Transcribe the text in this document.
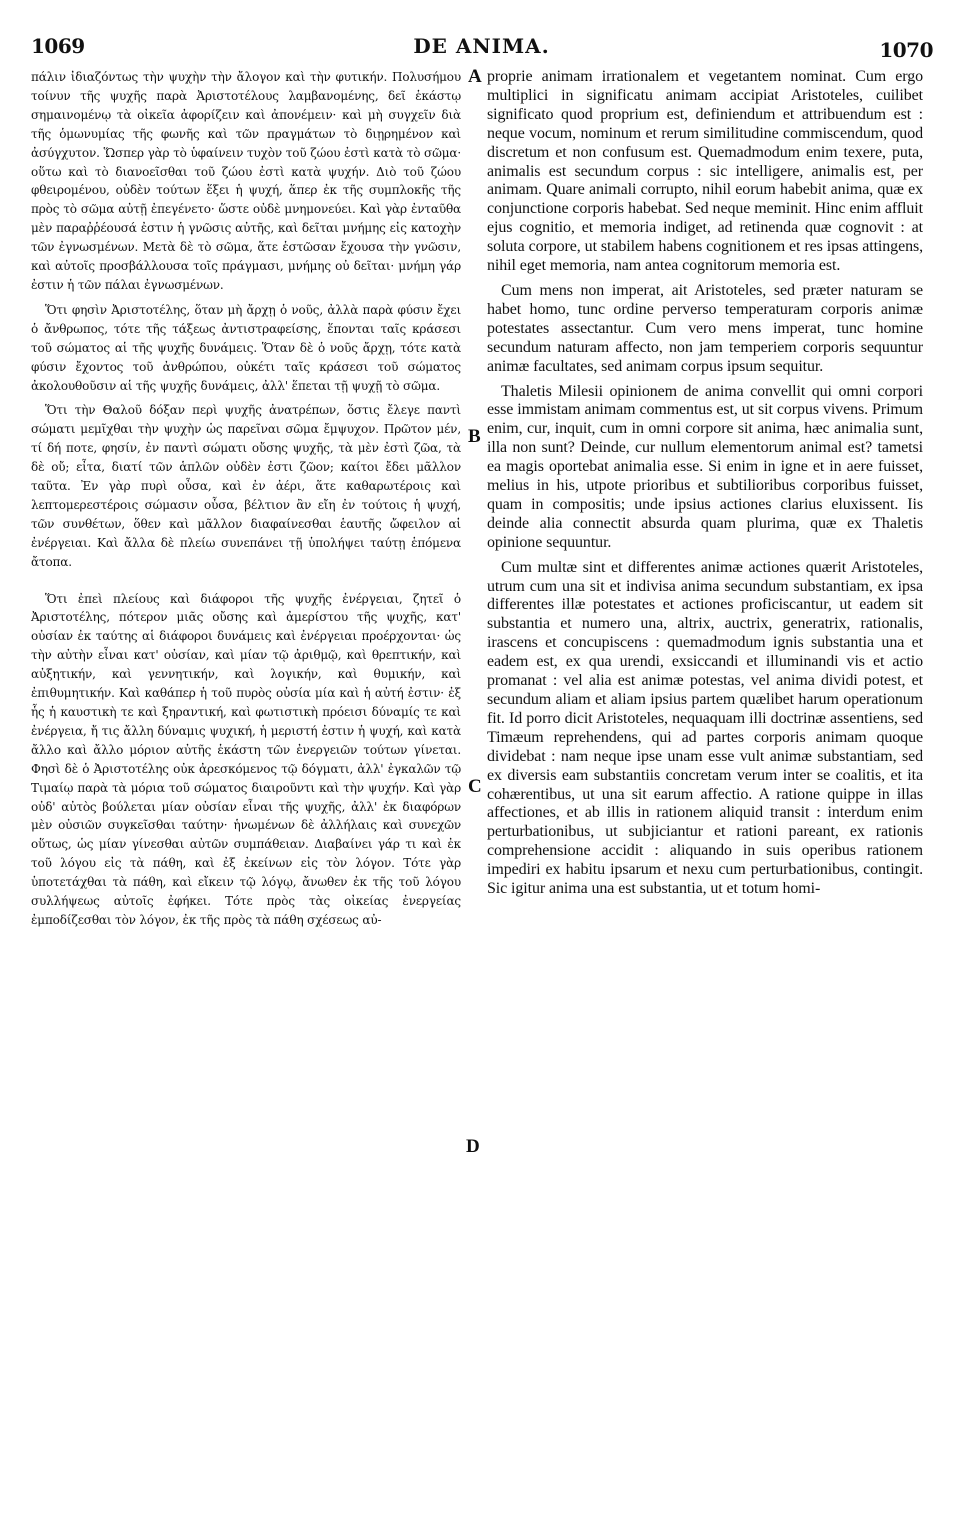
1069	DE ANIMA.	1070

πάλιν ἰδιαζόντως τὴν ψυχὴν τὴν ἄλογον καὶ τὴν φυτικήν. Πολυσήμου τοίνυν τῆς ψυχῆς παρὰ Ἀριστοτέλους λαμβανομένης, δεῖ ἑκάστῳ σημαινομένῳ τὰ οἰκεῖα ἀφορίζειν καὶ ἀπονέμειν· καὶ μὴ συγχεῖν διὰ τῆς ὁμωνυμίας τῆς φωνῆς καὶ τῶν πραγμάτων τὸ διῃρημένον καὶ ἀσύγχυτον. Ὥσπερ γὰρ τὸ ὑφαίνειν τυχὸν τοῦ ζώου ἐστὶ κατὰ τὸ σῶμα· οὕτω καὶ τὸ διανοεῖσθαι τοῦ ζώου ἐστὶ κατὰ ψυχήν. Διὸ τοῦ ζώου φθειρομένου, οὐδὲν τούτων ἕξει ἡ ψυχή, ἅπερ ἐκ τῆς συμπλοκῆς τῆς πρὸς τὸ σῶμα αὐτῇ ἐπεγένετο· ὥστε οὐδὲ μνημονεύει. Καὶ γὰρ ἐνταῦθα μὲν παραῤῥέουσά ἐστιν ἡ γνῶσις αὐτῆς, καὶ δεῖται μνήμης εἰς κατοχὴν τῶν ἐγνωσμένων. Μετὰ δὲ τὸ σῶμα, ἅτε ἑστῶσαν ἔχουσα τὴν γνῶσιν, καὶ αὐτοῖς προσβάλλουσα τοῖς πράγμασι, μνήμης οὐ δεῖται· μνήμη γάρ ἐστιν ἡ τῶν πάλαι ἐγνωσμένων.

Ὅτι φησὶν Ἀριστοτέλης, ὅταν μὴ ἄρχῃ ὁ νοῦς, ἀλλὰ παρὰ φύσιν ἔχει ὁ ἄνθρωπος, τότε τῆς τάξεως ἀντιστραφείσης, ἕπονται ταῖς κράσεσι τοῦ σώματος αἱ τῆς ψυχῆς δυνάμεις. Ὅταν δὲ ὁ νοῦς ἄρχῃ, τότε κατὰ φύσιν ἔχοντος τοῦ ἀνθρώπου, οὐκέτι ταῖς κράσεσι τοῦ σώματος ἀκολουθοῦσιν αἱ τῆς ψυχῆς δυνάμεις, ἀλλ' ἕπεται τῇ ψυχῇ τὸ σῶμα.

Ὅτι τὴν Θαλοῦ δόξαν περὶ ψυχῆς ἀνατρέπων, ὅστις ἔλεγε παντὶ σώματι μεμῖχθαι τὴν ψυχὴν ὡς παρεῖναι σῶμα ἔμψυχον. Πρῶτον μέν, τί δή ποτε, φησίν, ἐν παντὶ σώματι οὔσης ψυχῆς, τὰ μὲν ἐστὶ ζῶα, τὰ δὲ οὔ; εἶτα, διατί τῶν ἁπλῶν οὐδὲν ἐστι ζῶον; καίτοι ἔδει μᾶλλον ταῦτα. Ἐν γὰρ πυρὶ οὖσα, καὶ ἐν ἀέρι, ἅτε καθαρωτέροις καὶ λεπτομερεστέροις σώμασιν οὖσα, βέλτιον ἂν εἴη ἐν τούτοις ἡ ψυχή, τῶν συνθέτων, ὅθεν καὶ μᾶλλον διαφαίνεσθαι ἑαυτῆς ὤφειλον αἱ ἐνέργειαι. Καὶ ἄλλα δὲ πλείω συνεπάνει τῇ ὑπολήψει ταύτῃ ἑπόμενα ἄτοπα.

Ὅτι ἐπεὶ πλείους καὶ διάφοροι τῆς ψυχῆς ἐνέργειαι, ζητεῖ ὁ Ἀριστοτέλης, πότερον μιᾶς οὔσης καὶ ἀμερίστου τῆς ψυχῆς, κατ' οὐσίαν ἐκ ταύτης αἱ διάφοροι δυνάμεις καὶ ἐνέργειαι προέρχονται· ὡς τὴν αὐτὴν εἶναι κατ' οὐσίαν, καὶ μίαν τῷ ἀριθμῷ, καὶ θρεπτικήν, καὶ αὐξητικήν, καὶ γεννητικήν, καὶ λογικήν, καὶ θυμικήν, καὶ ἐπιθυμητικήν. Καὶ καθάπερ ἡ τοῦ πυρὸς οὐσία μία καὶ ἡ αὐτή ἐστιν· ἐξ ἧς ἡ καυστικὴ τε καὶ ξηραντική, καὶ φωτιστικὴ πρόεισι δύναμίς τε καὶ ἐνέργεια, ἤ τις ἄλλη δύναμις ψυχική, ἡ μεριστή ἐστιν ἡ ψυχή, καὶ κατὰ ἄλλο καὶ ἄλλο μόριον αὐτῆς ἑκάστη τῶν ἐνεργειῶν τούτων γίνεται. Φησὶ δὲ ὁ Ἀριστοτέλης οὐκ ἀρεσκόμενος τῷ δόγματι, ἀλλ' ἐγκαλῶν τῷ Τιμαίῳ παρὰ τὰ μόρια τοῦ σώματος διαιροῦντι καὶ τὴν ψυχήν. Καὶ γὰρ οὐδ' αὐτὸς βούλεται μίαν οὐσίαν εἶναι τῆς ψυχῆς, ἀλλ' ἐκ διαφόρων μὲν οὐσιῶν συγκεῖσθαι ταύτην· ἡνωμένων δὲ ἀλλήλαις καὶ συνεχῶν οὕτως, ὡς μίαν γίνεσθαι αὐτῶν συμπάθειαν. Διαβαίνει γάρ τι καὶ ἐκ τοῦ λόγου εἰς τὰ πάθη, καὶ ἐξ ἐκείνων εἰς τὸν λόγον. Τότε γὰρ ὑποτετάχθαι τὰ πάθη, καὶ εἴκειν τῷ λόγῳ, ἄνωθεν ἐκ τῆς τοῦ λόγου συλλήψεως αὐτοῖς ἐφήκει. Τότε πρὸς τὰς οἰκείας ἐνεργείας ἐμποδίζεσθαι τὸν λόγον, ἐκ τῆς πρὸς τὰ πάθη σχέσεως αὐ-

A
B
C
D

proprie animam irrationalem et vegetantem nominat. Cum ergo multiplici in significatu animam accipiat Aristoteles, cuilibet significato quod proprium est, definiendum et attribuendum est : neque vocum, nominum et rerum similitudine commiscendum, quod discretum et non confusum est. Quemadmodum enim texere, puta, animalis est secundum corpus : sic intelligere, animalis est, per animam. Quare animali corrupto, nihil eorum habebit anima, quæ ex conjunctione corporis habebat. Sed neque meminit. Hinc enim affluit ejus cognitio, et memoria indiget, ad retinenda quæ cognovit : at soluta corpore, ut stabilem habens cognitionem et res ipsas attingens, nihil eget memoria, nam antea cognitorum memoria est.

Cum mens non imperat, ait Aristoteles, sed præter naturam se habet homo, tunc ordine perverso temperaturam corporis animæ potestates assectantur. Cum vero mens imperat, tunc homine secundum naturam affecto, non jam temperiem corporis sequuntur animæ facultates, sed animam corpus ipsum sequitur.

Thaletis Milesii opinionem de anima convellit qui omni corpori esse immistam animam commentus est, ut sit corpus vivens. Primum enim, cur, inquit, cum in omni corpore sit anima, hæc animalia sunt, illa non sunt? Deinde, cur nullum elementorum animal est? tametsi ea magis oportebat animalia esse. Si enim in igne et in aere fuisset, melius in his, utpote prioribus et subtilioribus corporibus fuisset, quam in compositis; unde ipsius actiones clarius eluxissent. Iis deinde alia connectit absurda quam plurima, quæ ex Thaletis opinione sequuntur.

Cum multæ sint et differentes animæ actiones quærit Aristoteles, utrum cum una sit et indivisa anima secundum substantiam, ex ipsa differentes illæ potestates et actiones proficiscantur, ut eadem sit substantia et numero una, altrix, auctrix, generatrix, rationalis, irascens et concupiscens : quemadmodum ignis substantia una et eadem est, ex qua urendi, exsiccandi et illuminandi vis et actio promanat : vel alia est animæ potestas, vel anima dividi potest, et secundum aliam et aliam ipsius partem quælibet harum operationum fit. Id porro dicit Aristoteles, nequaquam illi doctrinæ assentiens, sed Timæum reprehendens, qui ad partes corporis animam quoque dividebat : nam neque ipse unam esse vult animæ substantiam, sed ex diversis eam substantiis concretam verum inter se coalitis, et ita cohærentibus, ut una sit earum affectio. A ratione quippe in illas affectiones, et ab illis in rationem aliquid transit : interdum enim perturbationibus, ut subjiciantur et rationi pareant, ex rationis comprehensione accidit : aliquando in suis operibus rationem impediri ex habitu ipsarum et nexu cum perturbationibus, contingit. Sic igitur anima una est substantia, ut et totum homi-
